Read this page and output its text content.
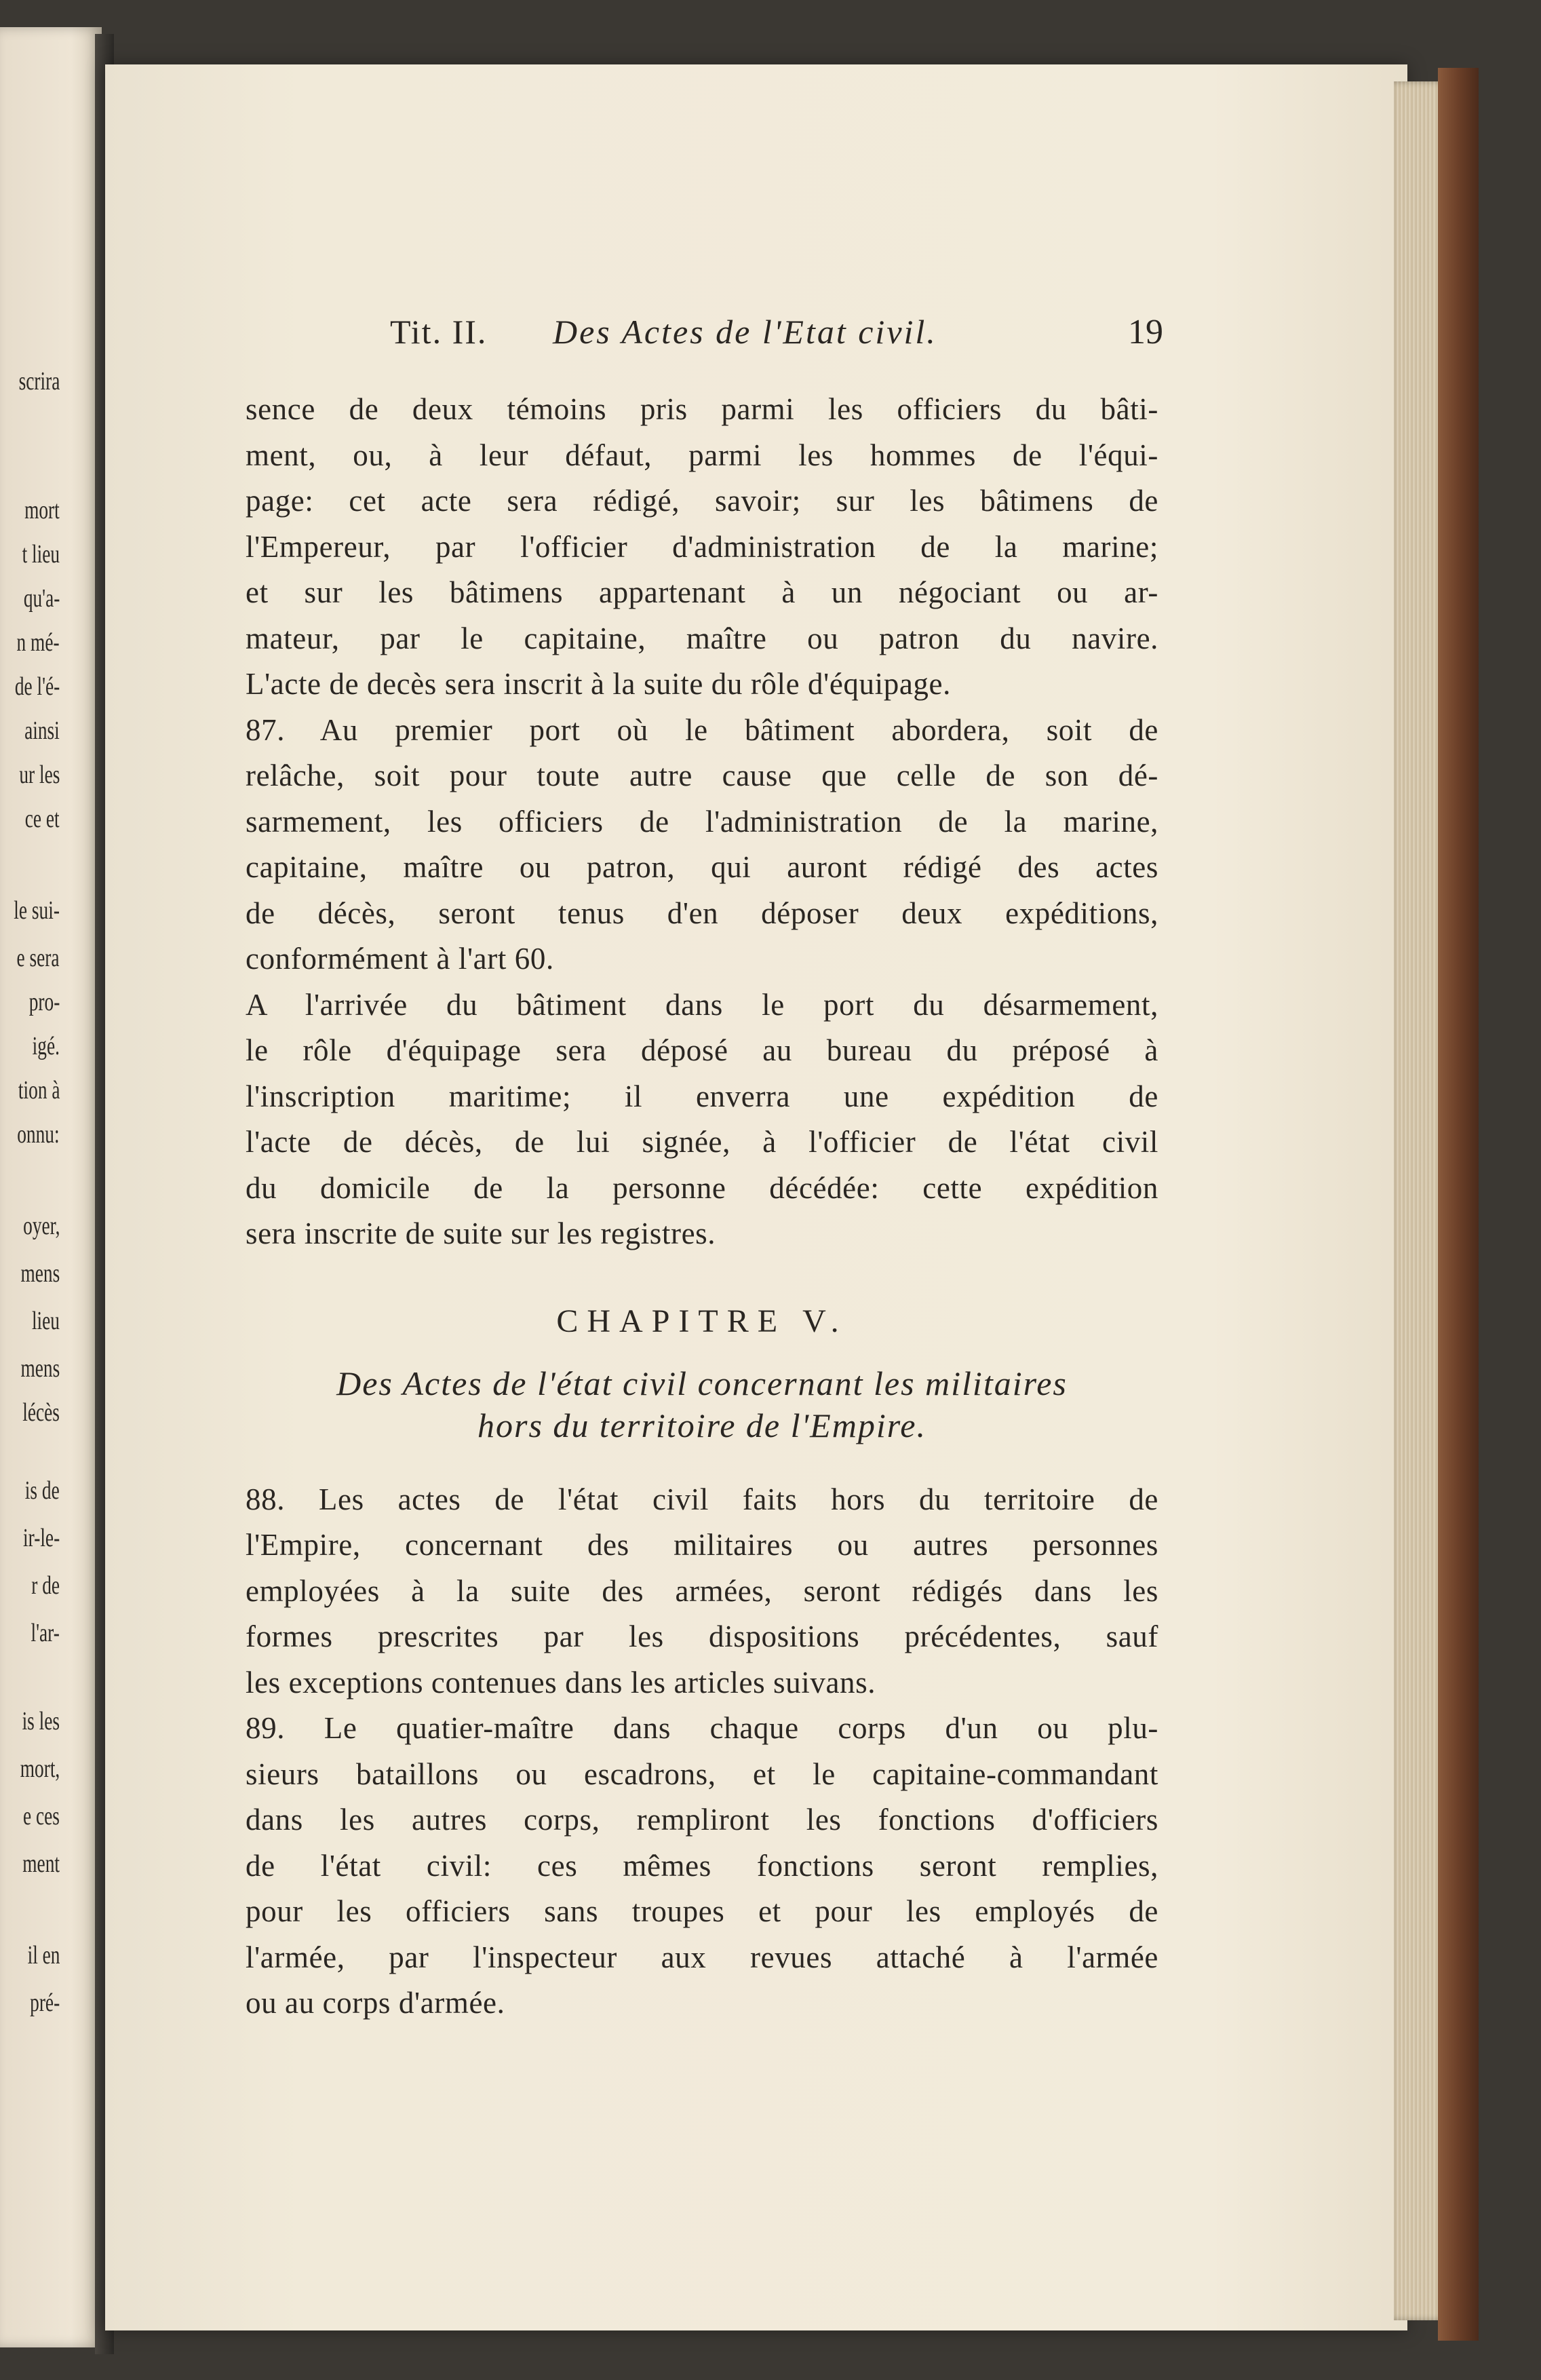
scrira
mort
t lieu
qu'a-
n mé-
de l'é-
ainsi
ur les
ce et
le sui-
e sera
pro-
igé.
tion à
onnu:
oyer,
mens
lieu
mens
lécès
is de
ir-le-
r de
l'ar-
is les
mort,
e ces
ment
il en
pré-
Tit. II. Des Actes de l'Etat civil.	19
sence de deux témoins pris parmi les officiers du bâti-
ment, ou, à leur défaut, parmi les hommes de l'équi-
page: cet acte sera rédigé, savoir; sur les bâtimens de
l'Empereur, par l'officier d'administration de la marine;
et sur les bâtimens appartenant à un négociant ou ar-
mateur, par le capitaine, maître ou patron du navire.
L'acte de decès sera inscrit à la suite du rôle d'équipage.
87. Au premier port où le bâtiment abordera, soit de
relâche, soit pour toute autre cause que celle de son dé-
sarmement, les officiers de l'administration de la marine,
capitaine, maître ou patron, qui auront rédigé des actes
de décès, seront tenus d'en déposer deux expéditions,
conformément à l'art 60.
A l'arrivée du bâtiment dans le port du désarmement,
le rôle d'équipage sera déposé au bureau du préposé à
l'inscription maritime; il enverra une expédition de
l'acte de décès, de lui signée, à l'officier de l'état civil
du domicile de la personne décédée: cette expédition
sera inscrite de suite sur les registres.
CHAPITRE V.
Des Actes de l'état civil concernant les militaires
hors du territoire de l'Empire.
88. Les actes de l'état civil faits hors du territoire de
l'Empire, concernant des militaires ou autres personnes
employées à la suite des armées, seront rédigés dans les
formes prescrites par les dispositions précédentes, sauf
les exceptions contenues dans les articles suivans.
89. Le quatier-maître dans chaque corps d'un ou plu-
sieurs bataillons ou escadrons, et le capitaine-commandant
dans les autres corps, rempliront les fonctions d'officiers
de l'état civil: ces mêmes fonctions seront remplies,
pour les officiers sans troupes et pour les employés de
l'armée, par l'inspecteur aux revues attaché à l'armée
ou au corps d'armée.
